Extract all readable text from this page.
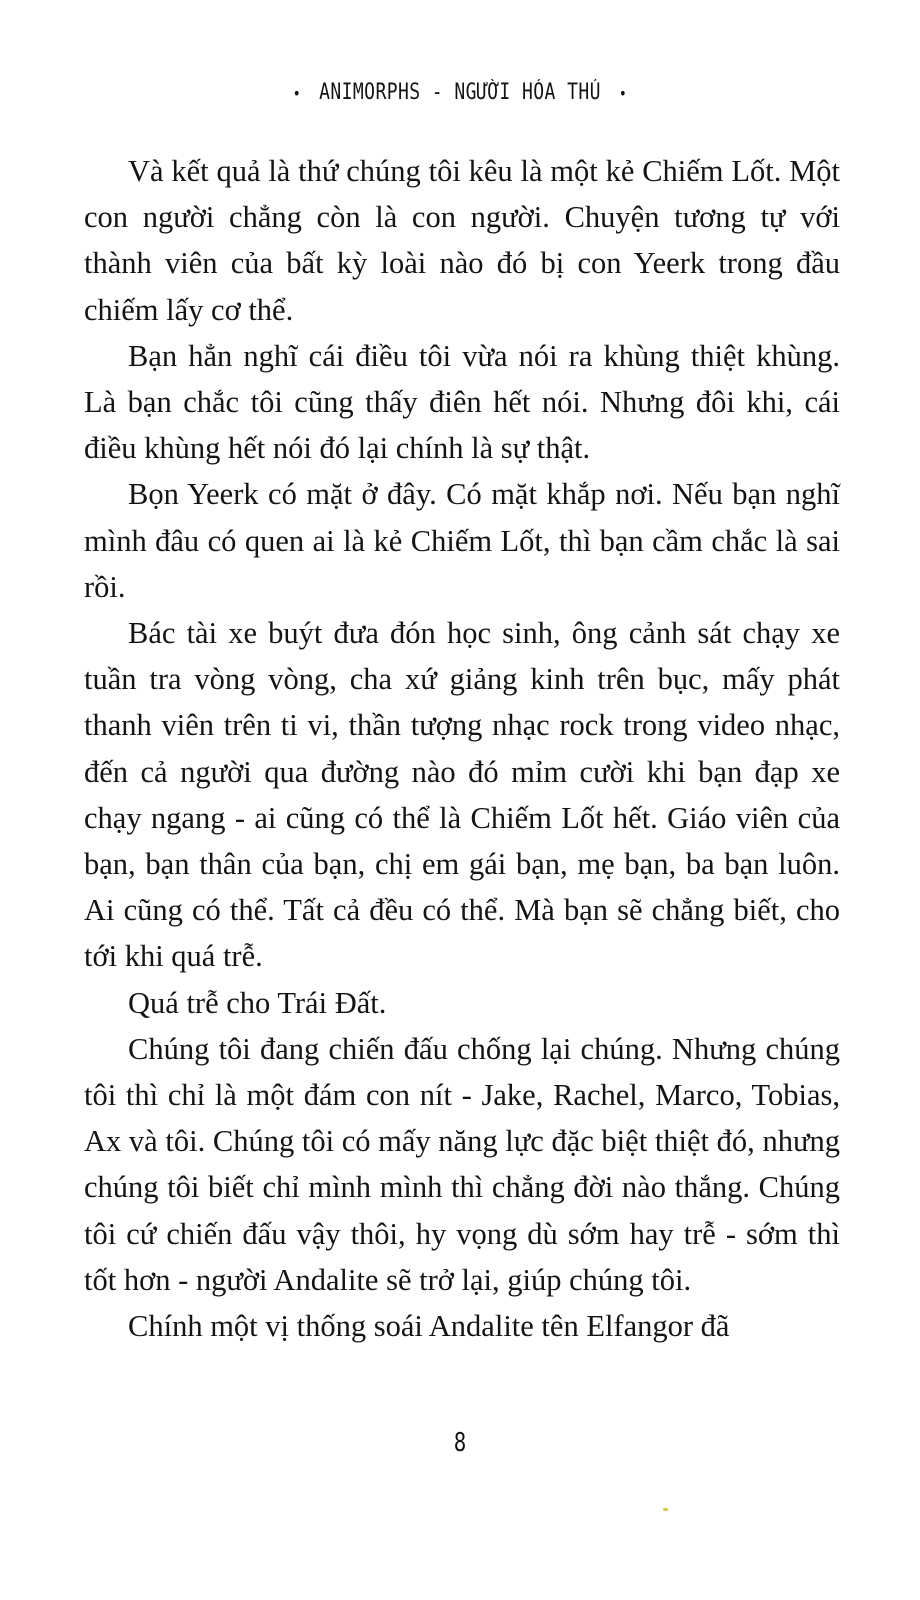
• ANIMORPHS - NGƯỜI HÓA THÚ •

Và kết quả là thứ chúng tôi kêu là một kẻ Chiếm Lốt. Một con người chẳng còn là con người. Chuyện tương tự với thành viên của bất kỳ loài nào đó bị con Yeerk trong đầu chiếm lấy cơ thể.

Bạn hẳn nghĩ cái điều tôi vừa nói ra khùng thiệt khùng. Là bạn chắc tôi cũng thấy điên hết nói. Nhưng đôi khi, cái điều khùng hết nói đó lại chính là sự thật.

Bọn Yeerk có mặt ở đây. Có mặt khắp nơi. Nếu bạn nghĩ mình đâu có quen ai là kẻ Chiếm Lốt, thì bạn cầm chắc là sai rồi.

Bác tài xe buýt đưa đón học sinh, ông cảnh sát chạy xe tuần tra vòng vòng, cha xứ giảng kinh trên bục, mấy phát thanh viên trên ti vi, thần tượng nhạc rock trong video nhạc, đến cả người qua đường nào đó mỉm cười khi bạn đạp xe chạy ngang - ai cũng có thể là Chiếm Lốt hết. Giáo viên của bạn, bạn thân của bạn, chị em gái bạn, mẹ bạn, ba bạn luôn. Ai cũng có thể. Tất cả đều có thể. Mà bạn sẽ chẳng biết, cho tới khi quá trễ.

Quá trễ cho Trái Đất.

Chúng tôi đang chiến đấu chống lại chúng. Nhưng chúng tôi thì chỉ là một đám con nít - Jake, Rachel, Marco, Tobias, Ax và tôi. Chúng tôi có mấy năng lực đặc biệt thiệt đó, nhưng chúng tôi biết chỉ mình mình thì chẳng đời nào thắng. Chúng tôi cứ chiến đấu vậy thôi, hy vọng dù sớm hay trễ - sớm thì tốt hơn - người Andalite sẽ trở lại, giúp chúng tôi.

Chính một vị thống soái Andalite tên Elfangor đã

8
